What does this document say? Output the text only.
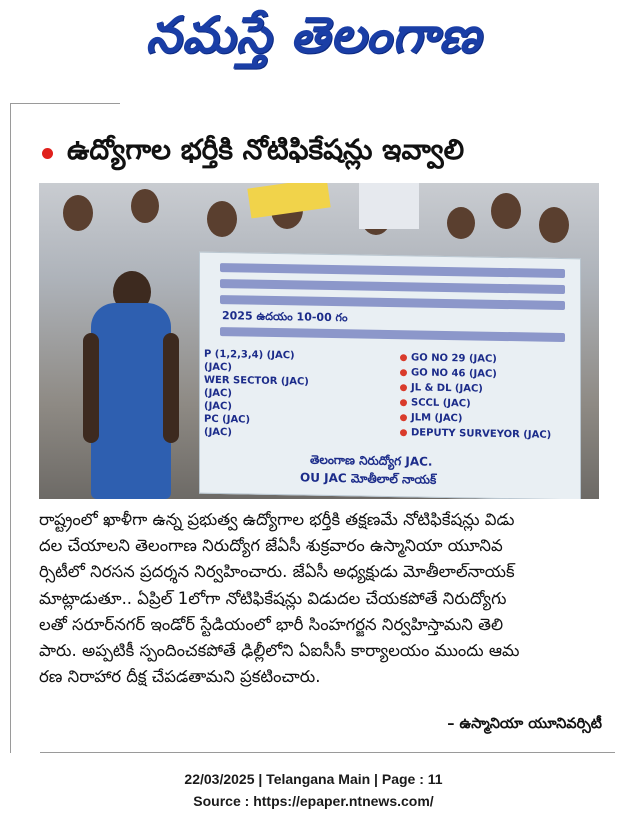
నమస్తే తెలంగాణ
ఉద్యోగాల భర్తీకి నోటిఫికేషన్లు ఇవ్వాలి
2025 ఉదయం 10-00 గం
P (1,2,3,4) (JAC)
(JAC)
WER SECTOR (JAC)
(JAC)
(JAC)
PC (JAC)
(JAC)
GO NO 29 (JAC)
GO NO 46 (JAC)
JL & DL (JAC)
SCCL (JAC)
JLM (JAC)
DEPUTY SURVEYOR (JAC)
తెలంగాణ నిరుద్యోగ JAC.
OU JAC మోతీలాల్ నాయక్
రాష్ట్రంలో ఖాళీగా ఉన్న ప్రభుత్వ ఉద్యోగాల భర్తీకి తక్షణమే నోటిఫికేషన్లు విడు
దల చేయాలని తెలంగాణ నిరుద్యోగ జేఏసీ శుక్రవారం ఉస్మానియా యూనివ
ర్సిటీలో నిరసన ప్రదర్శన నిర్వహించారు. జేఏసీ అధ్యక్షుడు మోతీలాల్‌నాయక్
మాట్లాడుతూ.. ఏప్రిల్ 1లోగా నోటిఫికేషన్లు విడుదల చేయకపోతే నిరుద్యోగు
లతో సరూర్‌నగర్ ఇండోర్ స్టేడియంలో భారీ సింహగర్జన నిర్వహిస్తామని తెలి
పారు. అప్పటికీ స్పందించకపోతే ఢిల్లీలోని ఏఐసీసీ కార్యాలయం ముందు ఆమ
రణ నిరాహార దీక్ష చేపడతామని ప్రకటించారు.
– ఉస్మానియా యూనివర్సిటీ
22/03/2025 | Telangana Main | Page : 11
Source : https://epaper.ntnews.com/
